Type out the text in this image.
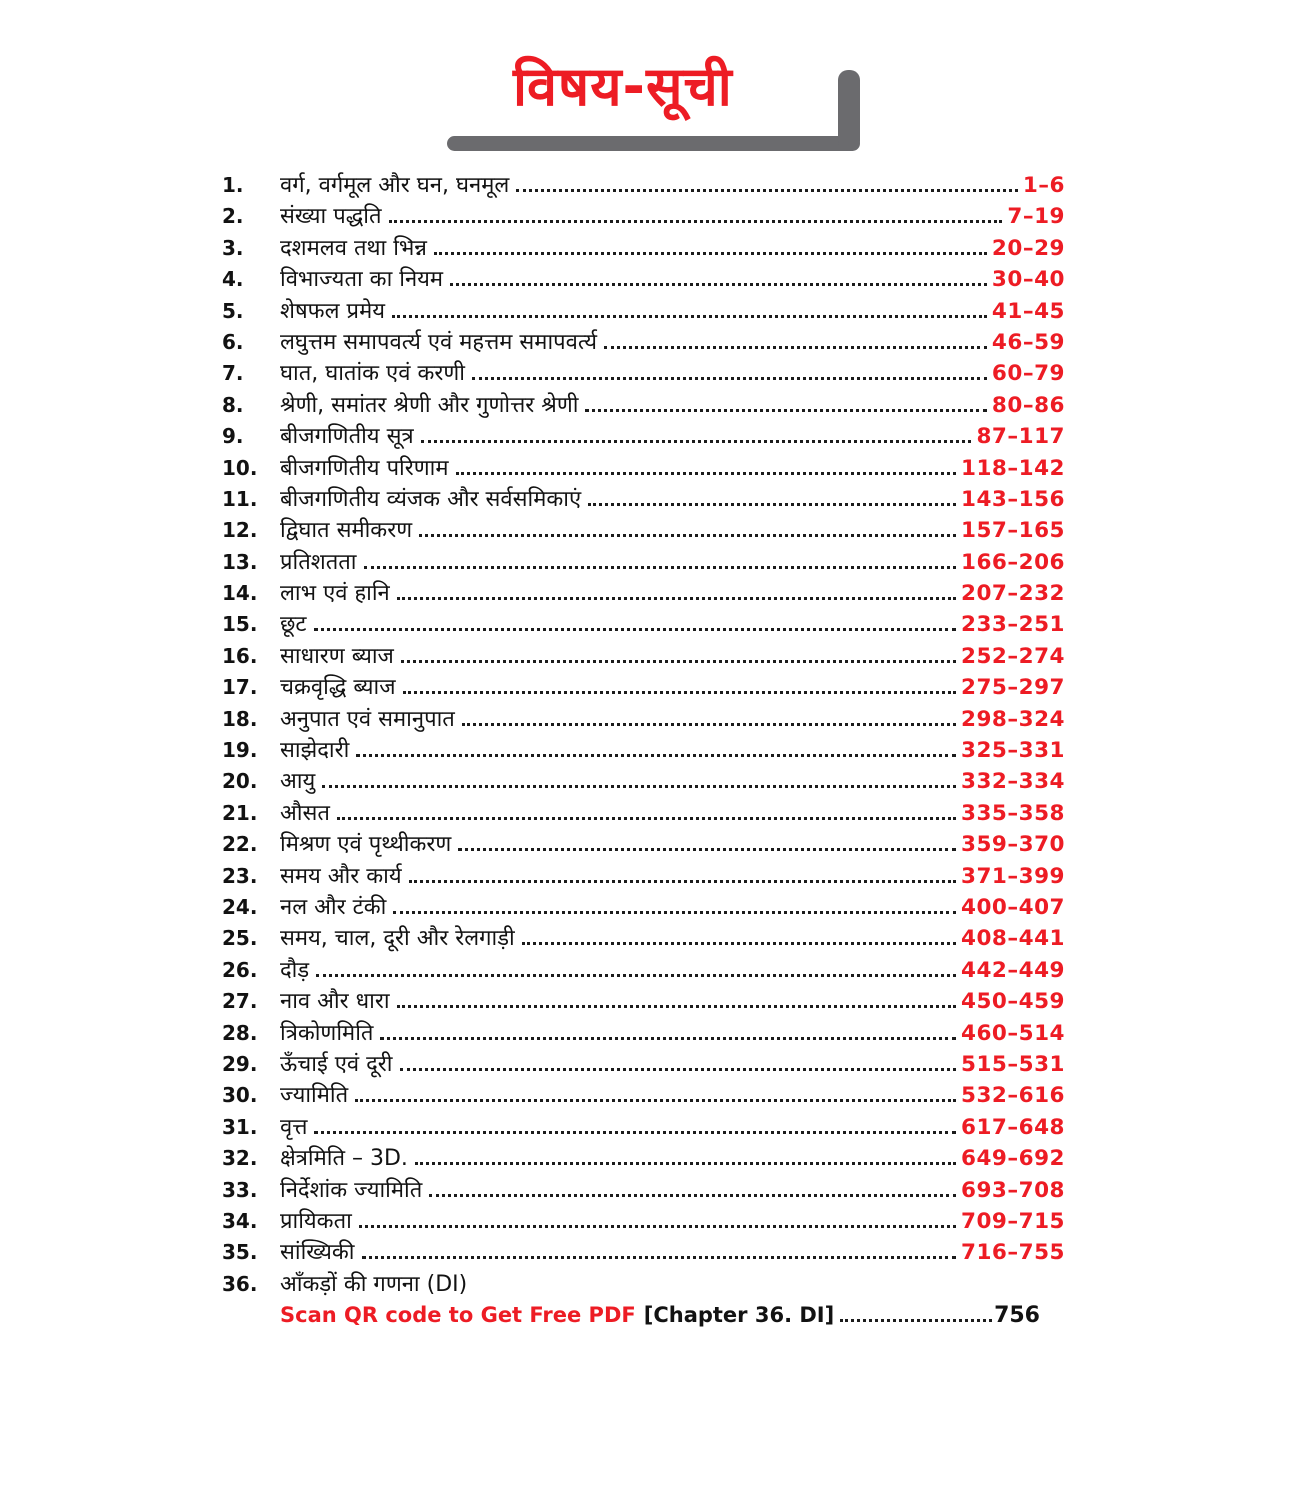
विषय-सूची
1.	वर्ग, वर्गमूल और घन, घनमूल	1–6
2.	संख्या पद्धति	7–19
3.	दशमलव तथा भिन्न	20–29
4.	विभाज्यता का नियम	30–40
5.	शेषफल प्रमेय	41–45
6.	लघुत्तम समापवर्त्य एवं महत्तम समापवर्त्य	46–59
7.	घात, घातांक एवं करणी	60–79
8.	श्रेणी, समांतर श्रेणी और गुणोत्तर श्रेणी	80–86
9.	बीजगणितीय सूत्र	87–117
10.	बीजगणितीय परिणाम	118–142
11.	बीजगणितीय व्यंजक और सर्वसमिकाएं	143–156
12.	द्विघात समीकरण	157–165
13.	प्रतिशतता	166–206
14.	लाभ एवं हानि	207–232
15.	छूट	233–251
16.	साधारण ब्याज	252–274
17.	चक्रवृद्धि ब्याज	275–297
18.	अनुपात एवं समानुपात	298–324
19.	साझेदारी	325–331
20.	आयु	332–334
21.	औसत	335–358
22.	मिश्रण एवं पृथ्थीकरण	359–370
23.	समय और कार्य	371–399
24.	नल और टंकी	400–407
25.	समय, चाल, दूरी और रेलगाड़ी	408–441
26.	दौड़	442–449
27.	नाव और धारा	450–459
28.	त्रिकोणमिति	460–514
29.	ऊँचाई एवं दूरी	515–531
30.	ज्यामिति	532–616
31.	वृत्त	617–648
32.	क्षेत्रमिति – 3D.	649–692
33.	निर्देशांक ज्यामिति	693–708
34.	प्रायिकता	709–715
35.	सांख्यिकी	716–755
36.	आँकड़ों की गणना (DI)
Scan QR code to Get Free PDF [Chapter 36. DI]	756
